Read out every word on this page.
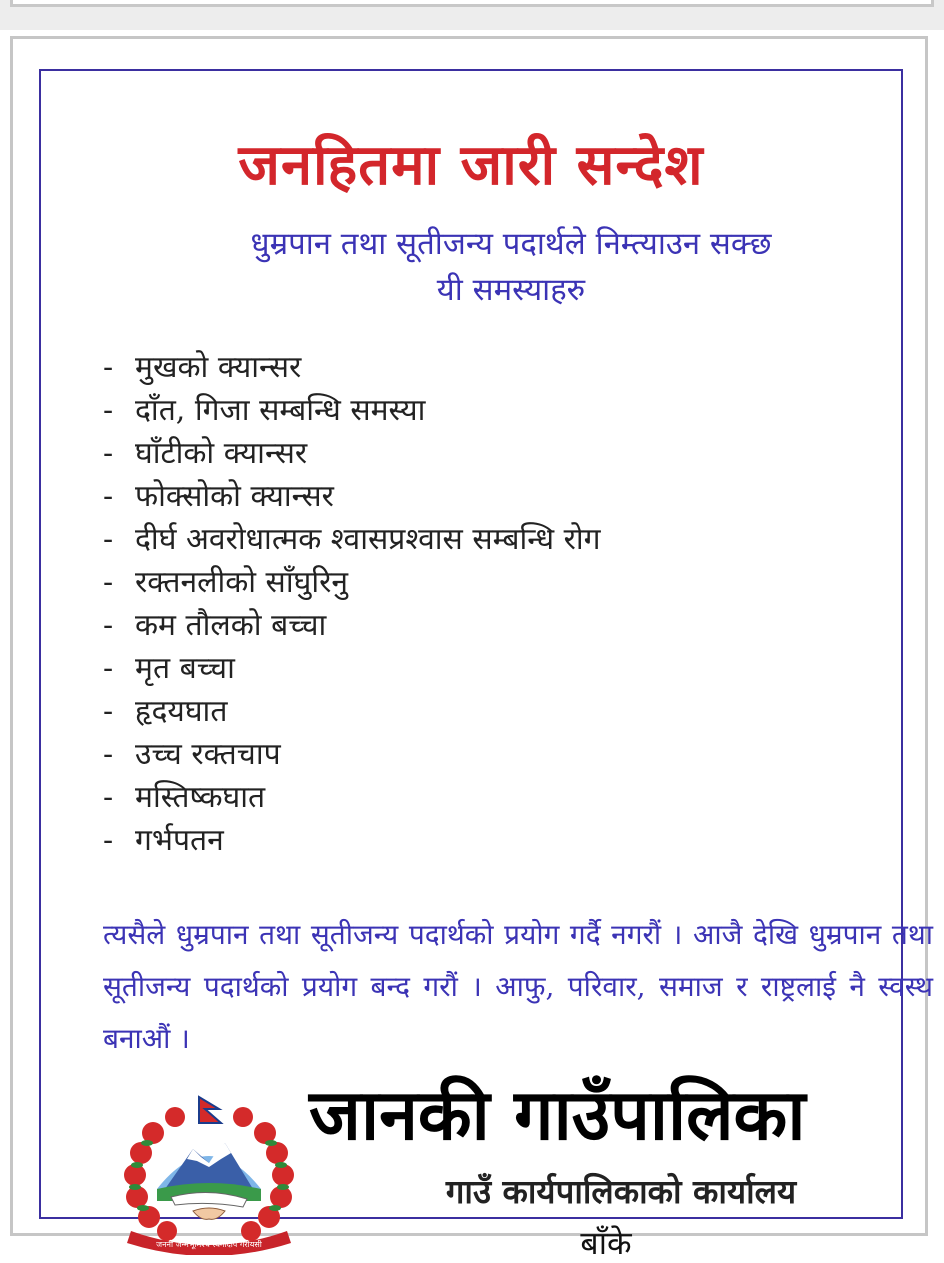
जनहितमा जारी सन्देश

धुम्रपान तथा सूतीजन्य पदार्थले निम्त्याउन सक्छ
यी समस्याहरु

- मुखको क्यान्सर
- दाँत, गिजा सम्बन्धि समस्या
- घाँटीको क्यान्सर
- फोक्सोको क्यान्सर
- दीर्घ अवरोधात्मक श्वासप्रश्वास सम्बन्धि रोग
- रक्तनलीको साँघुरिनु
- कम तौलको बच्चा
- मृत बच्चा
- हृदयघात
- उच्च रक्तचाप
- मस्तिष्कघात
- गर्भपतन

त्यसैले धुम्रपान तथा सूतीजन्य पदार्थको प्रयोग गर्दै नगरौं । आजै देखि धुम्रपान तथा सूतीजन्य पदार्थको प्रयोग बन्द गरौं । आफु, परिवार, समाज र राष्ट्रलाई नै स्वस्थ बनाऔं ।

जननी जन्मभूमिश्च स्वर्गादपि गरीयसी
जानकी गाउँपालिका

गाउँ कार्यपालिकाको कार्यालय

बाँके
